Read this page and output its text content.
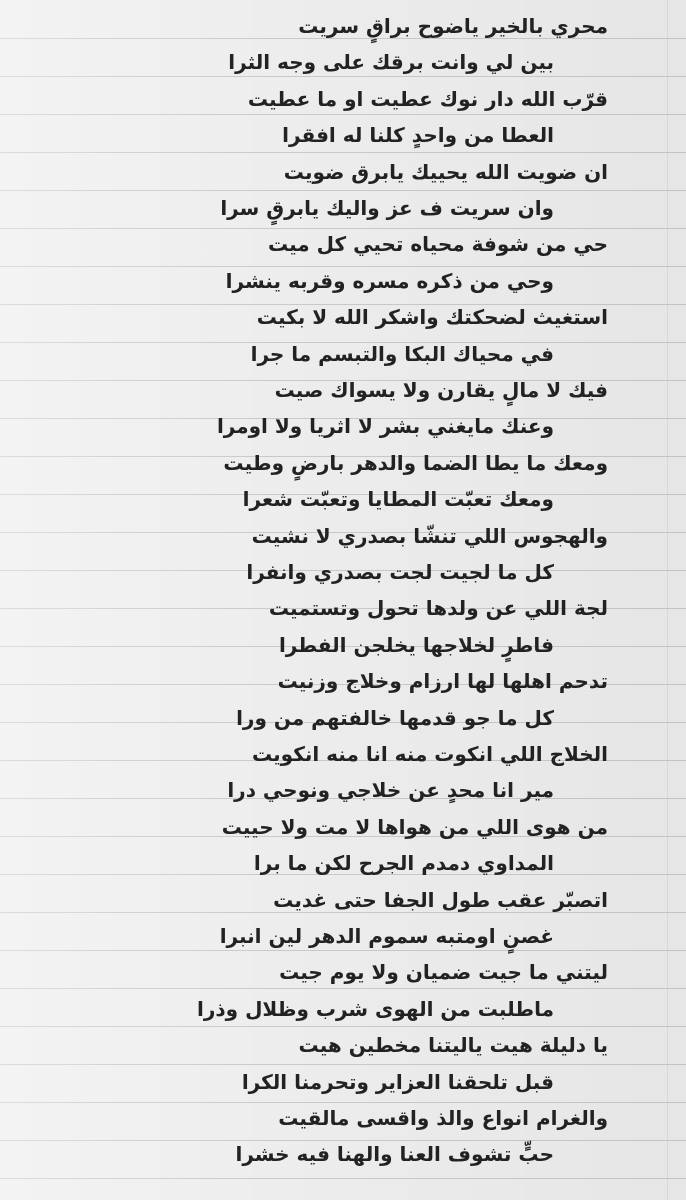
محري بالخير ياضوح براقٍ سريت
بين لي وانت برقك على وجه الثرا
قرّب الله دار نوك عطيت او ما عطيت
العطا من واحدٍ كلنا له افقرا
ان ضويت الله يحييك يابرق ضويت
وان سريت ف عز واليك يابرقٍ سرا
حي من شوفة محياه تحيي كل ميت
وحي من ذكره مسره وقربه ينشرا
استغيث لضحكتك واشكر الله لا بكيت
في محياك البكا والتبسم ما جرا
فيك لا مالٍ يقارن ولا يسواك صيت
وعنك مايغني بشر لا اثريا ولا اومرا
ومعك ما يطا الضما والدهر بارضٍ وطيت
ومعك تعبّت المطايا وتعبّت شعرا
والهجوس اللي تنشّا بصدري لا نشيت
كل ما لجيت لجت بصدري وانفرا
لجة اللي عن ولدها تحول وتستميت
فاطرٍ لخلاجها يخلجن الفطرا
تدحم اهلها لها ارزام وخلاج وزنيت
كل ما جو قدمها خالفتهم من ورا
الخلاج اللي انكوت منه انا منه انكويت
مير انا محدٍ عن خلاجي ونوحي درا
من هوى اللي من هواها لا مت ولا حييت
المداوي دمدم الجرح لكن ما برا
اتصبّر عقب طول الجفا حتى غديت
غصنٍ اومتبه سموم الدهر لين انبرا
ليتني ما جيت ضميان ولا يوم جيت
ماطلبت من الهوى شرب وظلال وذرا
يا دليلة هيت ياليتنا مخطين هيت
قبل تلحقنا العزاير وتحرمنا الكرا
والغرام انواع والذ واقسى مالقيت
حبٍّ تشوف العنا والهنا فيه خشرا
